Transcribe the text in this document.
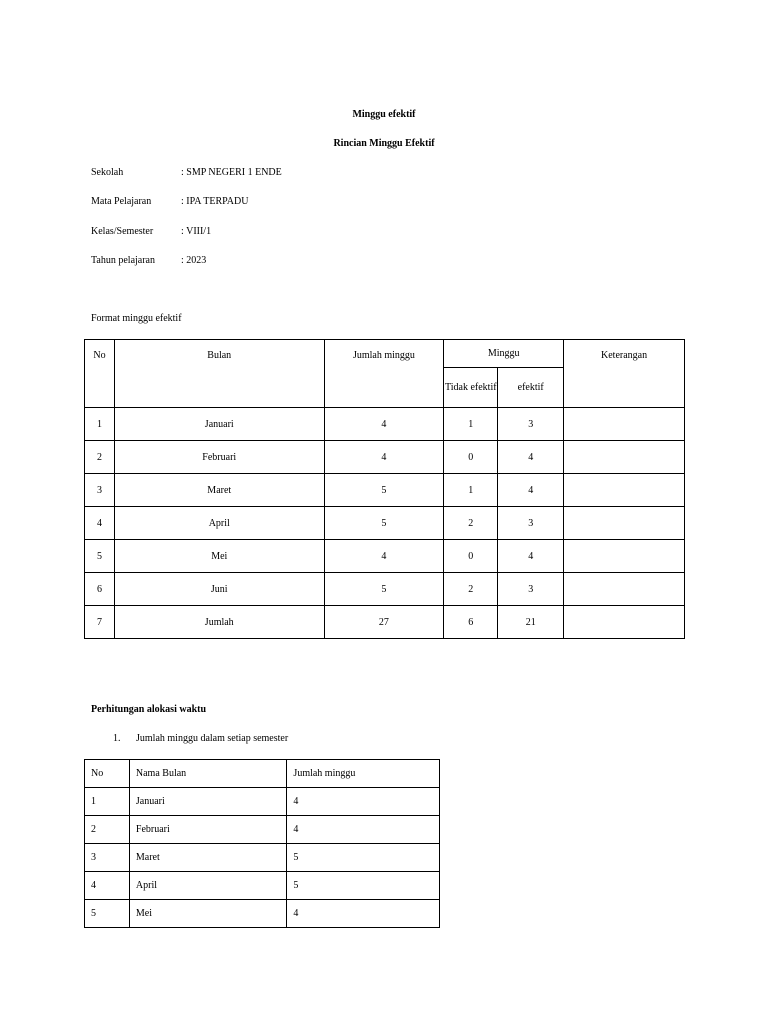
Minggu efektif
Rincian Minggu Efektif
Sekolah	: SMP NEGERI 1 ENDE
Mata Pelajaran	: IPA TERPADU
Kelas/Semester	: VIII/1
Tahun pelajaran	: 2023
Format minggu efektif
No	Bulan	Jumlah minggu	Minggu		Keterangan
			Tidak efektif	efektif	
1	Januari	4	1	3	
2	Februari	4	0	4	
3	Maret	5	1	4	
4	April	5	2	3	
5	Mei	4	0	4	
6	Juni	5	2	3	
7	Jumlah	27	6	21	
Perhitungan alokasi waktu
1. Jumlah minggu dalam setiap semester
No	Nama Bulan	Jumlah minggu
1	Januari	4
2	Februari	4
3	Maret	5
4	April	5
5	Mei	4
